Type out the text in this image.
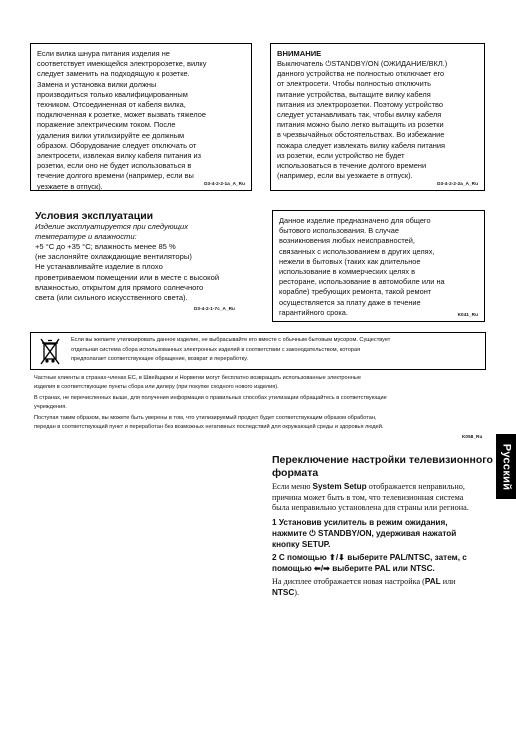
Если вилка шнура питания изделия не
соответствует имеющейся электророзетке, вилку
следует заменить на подходящую к розетке.
Замена и установка вилки должны
производиться только квалифицированным
техником. Отсоединенная от кабеля вилка,
подключенная к розетке, может вызвать тяжелое
поражение электрическим током. После
удаления вилки утилизируйте ее должным
образом. Оборудование следует отключать от
электросети, извлекая вилку кабеля питания из
розетки, если оно не будет использоваться в
течение долгого времени (например, если вы
уезжаете в отпуск).	D3-4-2-2-1a_A_Ru
ВНИМАНИЕ
Выключатель ⏻STANDBY/ON (ОЖИДАНИЕ/ВКЛ.)
данного устройства не полностью отключает его
от электросети. Чтобы полностью отключить
питание устройства, вытащите вилку кабеля
питания из электророзетки. Поэтому устройство
следует устанавливать так, чтобы вилку кабеля
питания можно было легко вытащить из розетки
в чрезвычайных обстоятельствах. Во избежание
пожара следует извлекать вилку кабеля питания
из розетки, если устройство не будет
использоваться в течение долгого времени
(например, если вы уезжаете в отпуск).
D3-4-2-2-2a_A_Ru
Условия эксплуатации
Изделие эксплуатируется при следующих
температуре и влажности:
+5 °C до +35 °C; влажность менее 85 %
(не заслоняйте охлаждающие вентиляторы)
Не устанавливайте изделие в плохо
проветриваемом помещении или в месте с высокой
влажностью, открытом для прямого солнечного
света (или сильного искусственного света).
D3-4-2-1-7c_A_Ru
Данное изделие предназначено для общего
бытового использования. В случае
возникновения любых неисправностей,
связанных с использованием в других целях,
нежели в бытовых (таких как длительное
использование в коммерческих целях в
ресторане, использование в автомобиле или на
корабле) требующих ремонта, такой ремонт
осуществляется за плату даже в течение
гарантийного срока.	K041_Ru
Если вы желаете утилизировать данное изделие, не выбрасывайте его вместе с обычным бытовым мусором. Существует
отдельная система сбора использованных электронных изделий в соответствии с законодательством, которая
предполагает соответствующее обращение, возврат и переработку.
Частные клиенты в странах-членах ЕС, в Швейцарии и Норвегии могут бесплатно возвращать использованные электронные
изделия в соответствующие пункты сбора или дилеру (при покупке сходного нового изделия).
В странах, не перечисленных выше, для получения информации о правильных способах утилизации обращайтесь в соответствующие
учреждения.
Поступая таким образом, вы можете быть уверены в том, что утилизируемый продукт будет соответствующим образом обработан,
передан в соответствующий пункт и переработан без возможных негативных последствий для окружающей среды и здоровья людей.
K058_Ru
Русский
Переключение настройки телевизионного
формата
Если меню System Setup отображается неправильно,
причина может быть в том, что телевизионная система
была неправильно установлена для страны или региона.
1 Установив усилитель в режим ожидания,
нажмите ⏻ STANDBY/ON, удерживая нажатой
кнопку SETUP.
2 С помощью ⬆/⬇ выберите PAL/NTSC, затем, с
помощью ⬅/➡ выберите PAL или NTSC.
На дисплее отображается новая настройка (PAL или
NTSC).
